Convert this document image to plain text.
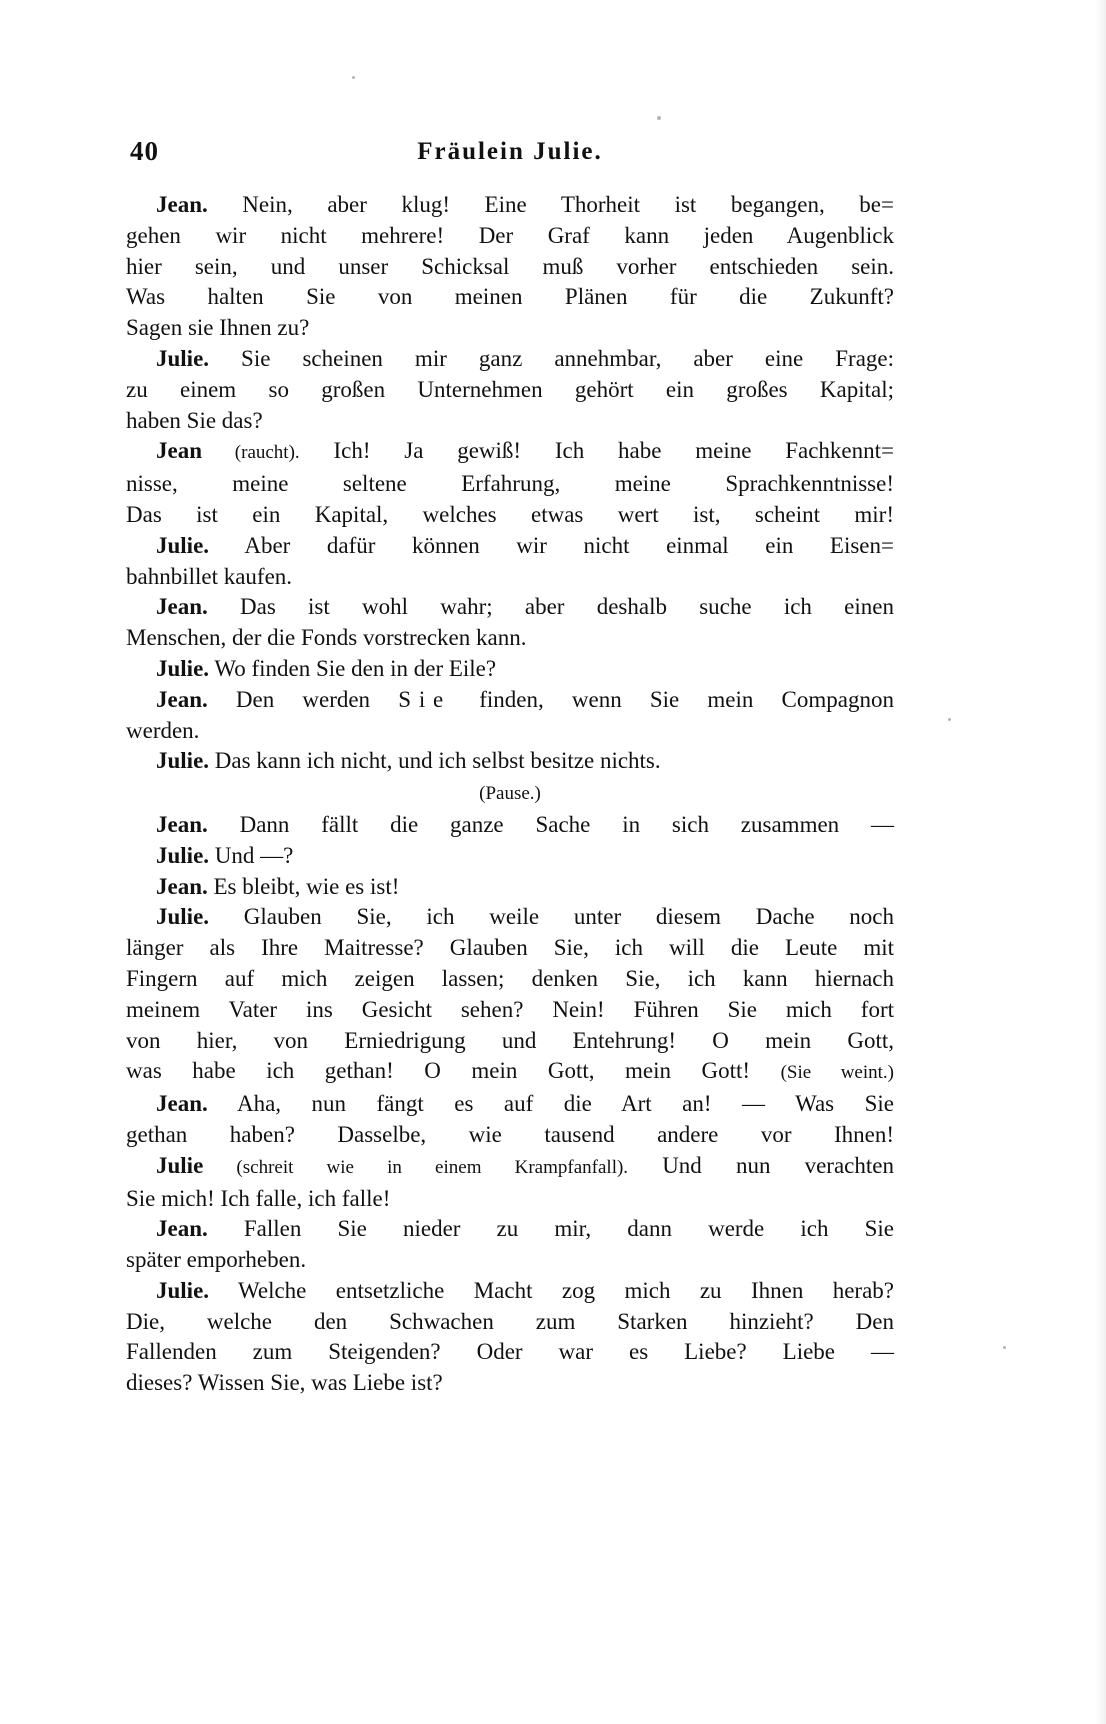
40	Fräulein Julie.
Jean. Nein, aber klug! Eine Thorheit ist begangen, be=
gehen wir nicht mehrere! Der Graf kann jeden Augenblick
hier sein, und unser Schicksal muß vorher entschieden sein.
Was halten Sie von meinen Plänen für die Zukunft?
Sagen sie Ihnen zu?
Julie. Sie scheinen mir ganz annehmbar, aber eine Frage:
zu einem so großen Unternehmen gehört ein großes Kapital;
haben Sie das?
Jean (raucht). Ich! Ja gewiß! Ich habe meine Fachkennt=
nisse, meine seltene Erfahrung, meine Sprachkenntnisse!
Das ist ein Kapital, welches etwas wert ist, scheint mir!
Julie. Aber dafür können wir nicht einmal ein Eisen=
bahnbillet kaufen.
Jean. Das ist wohl wahr; aber deshalb suche ich einen
Menschen, der die Fonds vorstrecken kann.
Julie. Wo finden Sie den in der Eile?
Jean. Den werden Sie finden, wenn Sie mein Compagnon
werden.
Julie. Das kann ich nicht, und ich selbst besitze nichts.
(Pause.)
Jean. Dann fällt die ganze Sache in sich zusammen —
Julie. Und —?
Jean. Es bleibt, wie es ist!
Julie. Glauben Sie, ich weile unter diesem Dache noch
länger als Ihre Maitresse? Glauben Sie, ich will die Leute mit
Fingern auf mich zeigen lassen; denken Sie, ich kann hiernach
meinem Vater ins Gesicht sehen? Nein! Führen Sie mich fort
von hier, von Erniedrigung und Entehrung! O mein Gott,
was habe ich gethan! O mein Gott, mein Gott! (Sie weint.)
Jean. Aha, nun fängt es auf die Art an! — Was Sie
gethan haben? Dasselbe, wie tausend andere vor Ihnen!
Julie (schreit wie in einem Krampfanfall). Und nun verachten
Sie mich! Ich falle, ich falle!
Jean. Fallen Sie nieder zu mir, dann werde ich Sie
später emporheben.
Julie. Welche entsetzliche Macht zog mich zu Ihnen herab?
Die, welche den Schwachen zum Starken hinzieht? Den
Fallenden zum Steigenden? Oder war es Liebe? Liebe —
dieses? Wissen Sie, was Liebe ist?
